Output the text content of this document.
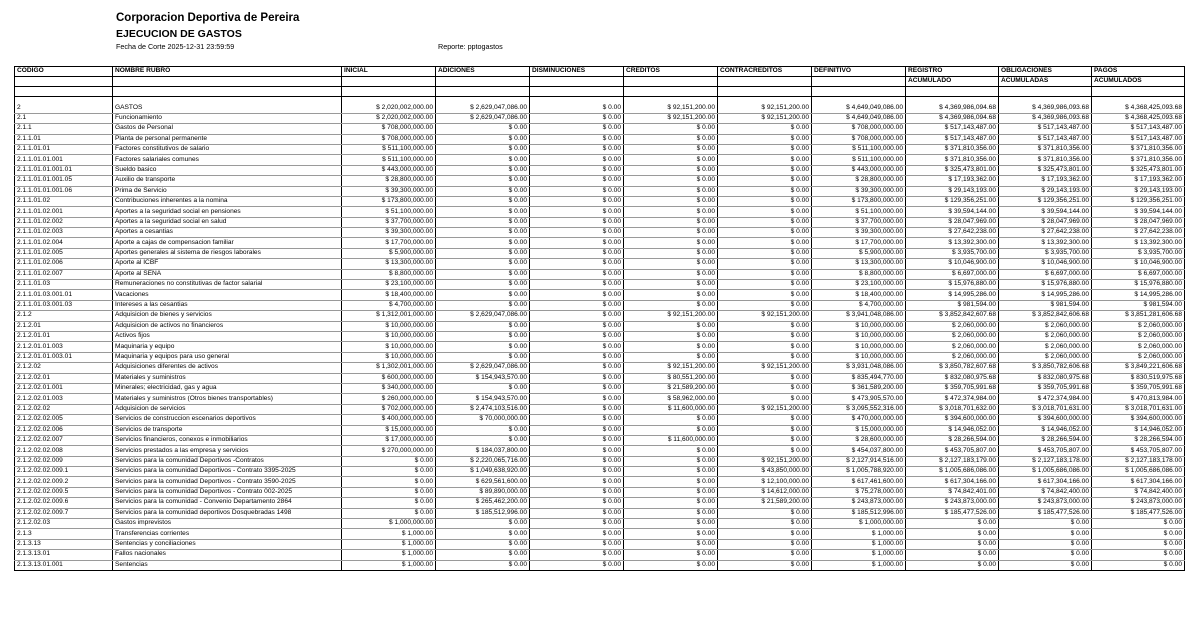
Corporacion Deportiva de Pereira
EJECUCION DE GASTOS
Fecha de Corte 2025-12-31 23:59:59	Reporte: pptogastos
CODIGO	NOMBRE RUBRO	INICIAL	ADICIONES	DISMINUCIONES	CREDITOS	CONTRACREDITOS	DEFINITIVO	REGISTRO	OBLIGACIONES	PAGOS
								ACUMULADO	ACUMULADAS	ACUMULADOS

2	GASTOS	$ 2,020,002,000.00	$ 2,629,047,086.00	$ 0.00	$ 92,151,200.00	$ 92,151,200.00	$ 4,649,049,086.00	$ 4,369,986,094.68	$ 4,369,986,093.68	$ 4,368,425,093.68
2.1	Funcionamiento	$ 2,020,002,000.00	$ 2,629,047,086.00	$ 0.00	$ 92,151,200.00	$ 92,151,200.00	$ 4,649,049,086.00	$ 4,369,986,094.68	$ 4,369,986,093.68	$ 4,368,425,093.68
2.1.1	Gastos de Personal	$ 708,000,000.00	$ 0.00	$ 0.00	$ 0.00	$ 0.00	$ 708,000,000.00	$ 517,143,487.00	$ 517,143,487.00	$ 517,143,487.00
2.1.1.01	Planta de personal permanente	$ 708,000,000.00	$ 0.00	$ 0.00	$ 0.00	$ 0.00	$ 708,000,000.00	$ 517,143,487.00	$ 517,143,487.00	$ 517,143,487.00
2.1.1.01.01	Factores constitutivos de salario	$ 511,100,000.00	$ 0.00	$ 0.00	$ 0.00	$ 0.00	$ 511,100,000.00	$ 371,810,356.00	$ 371,810,356.00	$ 371,810,356.00
2.1.1.01.01.001	Factores salariales comunes	$ 511,100,000.00	$ 0.00	$ 0.00	$ 0.00	$ 0.00	$ 511,100,000.00	$ 371,810,356.00	$ 371,810,356.00	$ 371,810,356.00
2.1.1.01.01.001.01	Sueldo basico	$ 443,000,000.00	$ 0.00	$ 0.00	$ 0.00	$ 0.00	$ 443,000,000.00	$ 325,473,801.00	$ 325,473,801.00	$ 325,473,801.00
2.1.1.01.01.001.05	Auxilio de transporte	$ 28,800,000.00	$ 0.00	$ 0.00	$ 0.00	$ 0.00	$ 28,800,000.00	$ 17,193,362.00	$ 17,193,362.00	$ 17,193,362.00
2.1.1.01.01.001.06	Prima de Servicio	$ 39,300,000.00	$ 0.00	$ 0.00	$ 0.00	$ 0.00	$ 39,300,000.00	$ 29,143,193.00	$ 29,143,193.00	$ 29,143,193.00
2.1.1.01.02	Contribuciones inherentes a la nomina	$ 173,800,000.00	$ 0.00	$ 0.00	$ 0.00	$ 0.00	$ 173,800,000.00	$ 129,356,251.00	$ 129,356,251.00	$ 129,356,251.00
2.1.1.01.02.001	Aportes a la seguridad social en pensiones	$ 51,100,000.00	$ 0.00	$ 0.00	$ 0.00	$ 0.00	$ 51,100,000.00	$ 39,594,144.00	$ 39,594,144.00	$ 39,594,144.00
2.1.1.01.02.002	Aportes a la seguridad social en salud	$ 37,700,000.00	$ 0.00	$ 0.00	$ 0.00	$ 0.00	$ 37,700,000.00	$ 28,047,969.00	$ 28,047,969.00	$ 28,047,969.00
2.1.1.01.02.003	Aportes a cesantias	$ 39,300,000.00	$ 0.00	$ 0.00	$ 0.00	$ 0.00	$ 39,300,000.00	$ 27,642,238.00	$ 27,642,238.00	$ 27,642,238.00
2.1.1.01.02.004	Aporte a cajas de compensacion familiar	$ 17,700,000.00	$ 0.00	$ 0.00	$ 0.00	$ 0.00	$ 17,700,000.00	$ 13,392,300.00	$ 13,392,300.00	$ 13,392,300.00
2.1.1.01.02.005	Aportes generales al sistema de riesgos laborales	$ 5,900,000.00	$ 0.00	$ 0.00	$ 0.00	$ 0.00	$ 5,900,000.00	$ 3,935,700.00	$ 3,935,700.00	$ 3,935,700.00
2.1.1.01.02.006	Aporte al ICBF	$ 13,300,000.00	$ 0.00	$ 0.00	$ 0.00	$ 0.00	$ 13,300,000.00	$ 10,046,900.00	$ 10,046,900.00	$ 10,046,900.00
2.1.1.01.02.007	Aporte al SENA	$ 8,800,000.00	$ 0.00	$ 0.00	$ 0.00	$ 0.00	$ 8,800,000.00	$ 6,697,000.00	$ 6,697,000.00	$ 6,697,000.00
2.1.1.01.03	Remuneraciones no constitutivas de factor salarial	$ 23,100,000.00	$ 0.00	$ 0.00	$ 0.00	$ 0.00	$ 23,100,000.00	$ 15,976,880.00	$ 15,976,880.00	$ 15,976,880.00
2.1.1.01.03.001.01	Vacaciones	$ 18,400,000.00	$ 0.00	$ 0.00	$ 0.00	$ 0.00	$ 18,400,000.00	$ 14,995,286.00	$ 14,995,286.00	$ 14,995,286.00
2.1.1.01.03.001.03	Intereses a las cesantias	$ 4,700,000.00	$ 0.00	$ 0.00	$ 0.00	$ 0.00	$ 4,700,000.00	$ 981,594.00	$ 981,594.00	$ 981,594.00
2.1.2	Adquisicion de bienes y servicios	$ 1,312,001,000.00	$ 2,629,047,086.00	$ 0.00	$ 92,151,200.00	$ 92,151,200.00	$ 3,941,048,086.00	$ 3,852,842,607.68	$ 3,852,842,606.68	$ 3,851,281,606.68
2.1.2.01	Adquisicion de activos no financieros	$ 10,000,000.00	$ 0.00	$ 0.00	$ 0.00	$ 0.00	$ 10,000,000.00	$ 2,060,000.00	$ 2,060,000.00	$ 2,060,000.00
2.1.2.01.01	Activos fijos	$ 10,000,000.00	$ 0.00	$ 0.00	$ 0.00	$ 0.00	$ 10,000,000.00	$ 2,060,000.00	$ 2,060,000.00	$ 2,060,000.00
2.1.2.01.01.003	Maquinaria y equipo	$ 10,000,000.00	$ 0.00	$ 0.00	$ 0.00	$ 0.00	$ 10,000,000.00	$ 2,060,000.00	$ 2,060,000.00	$ 2,060,000.00
2.1.2.01.01.003.01	Maquinaria y equipos para uso general	$ 10,000,000.00	$ 0.00	$ 0.00	$ 0.00	$ 0.00	$ 10,000,000.00	$ 2,060,000.00	$ 2,060,000.00	$ 2,060,000.00
2.1.2.02	Adquisiciones diferentes de activos	$ 1,302,001,000.00	$ 2,629,047,086.00	$ 0.00	$ 92,151,200.00	$ 92,151,200.00	$ 3,931,048,086.00	$ 3,850,782,607.68	$ 3,850,782,606.68	$ 3,849,221,606.68
2.1.2.02.01	Materiales y suministros	$ 600,000,000.00	$ 154,943,570.00	$ 0.00	$ 80,551,200.00	$ 0.00	$ 835,494,770.00	$ 832,080,975.68	$ 832,080,975.68	$ 830,519,975.68
2.1.2.02.01.001	Minerales; electricidad, gas y agua	$ 340,000,000.00	$ 0.00	$ 0.00	$ 21,589,200.00	$ 0.00	$ 361,589,200.00	$ 359,705,991.68	$ 359,705,991.68	$ 359,705,991.68
2.1.2.02.01.003	Materiales y suministros (Otros bienes transportables)	$ 260,000,000.00	$ 154,943,570.00	$ 0.00	$ 58,962,000.00	$ 0.00	$ 473,905,570.00	$ 472,374,984.00	$ 472,374,984.00	$ 470,813,984.00
2.1.2.02.02	Adquisicion de servicios	$ 702,000,000.00	$ 2,474,103,516.00	$ 0.00	$ 11,600,000.00	$ 92,151,200.00	$ 3,095,552,316.00	$ 3,018,701,632.00	$ 3,018,701,631.00	$ 3,018,701,631.00
2.1.2.02.02.005	Servicios de construccion escenarios deportivos	$ 400,000,000.00	$ 70,000,000.00	$ 0.00	$ 0.00	$ 0.00	$ 470,000,000.00	$ 394,600,000.00	$ 394,600,000.00	$ 394,600,000.00
2.1.2.02.02.006	Servicios de transporte	$ 15,000,000.00	$ 0.00	$ 0.00	$ 0.00	$ 0.00	$ 15,000,000.00	$ 14,946,052.00	$ 14,946,052.00	$ 14,946,052.00
2.1.2.02.02.007	Servicios financieros, conexos e inmobiliarios	$ 17,000,000.00	$ 0.00	$ 0.00	$ 11,600,000.00	$ 0.00	$ 28,600,000.00	$ 28,266,594.00	$ 28,266,594.00	$ 28,266,594.00
2.1.2.02.02.008	Servicios prestados a las empresa y servicios	$ 270,000,000.00	$ 184,037,800.00	$ 0.00	$ 0.00	$ 0.00	$ 454,037,800.00	$ 453,705,807.00	$ 453,705,807.00	$ 453,705,807.00
2.1.2.02.02.009	Servicios para la comunidad Deportivos -Contratos	$ 0.00	$ 2,220,065,716.00	$ 0.00	$ 0.00	$ 92,151,200.00	$ 2,127,914,516.00	$ 2,127,183,179.00	$ 2,127,183,178.00	$ 2,127,183,178.00
2.1.2.02.02.009.1	Servicios para la comunidad Deportivos - Contrato 3395-2025	$ 0.00	$ 1,049,638,920.00	$ 0.00	$ 0.00	$ 43,850,000.00	$ 1,005,788,920.00	$ 1,005,686,086.00	$ 1,005,686,086.00	$ 1,005,686,086.00
2.1.2.02.02.009.2	Servicios para la comunidad Deportivos - Contrato 3590-2025	$ 0.00	$ 629,561,600.00	$ 0.00	$ 0.00	$ 12,100,000.00	$ 617,461,600.00	$ 617,304,166.00	$ 617,304,166.00	$ 617,304,166.00
2.1.2.02.02.009.5	Servicios para la comunidad Deportivos - Contrato 002-2025	$ 0.00	$ 89,890,000.00	$ 0.00	$ 0.00	$ 14,612,000.00	$ 75,278,000.00	$ 74,842,401.00	$ 74,842,400.00	$ 74,842,400.00
2.1.2.02.02.009.6	Servicios para la comunidad - Convenio Departamento 2864	$ 0.00	$ 265,462,200.00	$ 0.00	$ 0.00	$ 21,589,200.00	$ 243,873,000.00	$ 243,873,000.00	$ 243,873,000.00	$ 243,873,000.00
2.1.2.02.02.009.7	Servicios para la comunidad deportivos Dosquebradas 1498	$ 0.00	$ 185,512,996.00	$ 0.00	$ 0.00	$ 0.00	$ 185,512,996.00	$ 185,477,526.00	$ 185,477,526.00	$ 185,477,526.00
2.1.2.02.03	Gastos imprevistos	$ 1,000,000.00	$ 0.00	$ 0.00	$ 0.00	$ 0.00	$ 1,000,000.00	$ 0.00	$ 0.00	$ 0.00
2.1.3	Transferencias corrientes	$ 1,000.00	$ 0.00	$ 0.00	$ 0.00	$ 0.00	$ 1,000.00	$ 0.00	$ 0.00	$ 0.00
2.1.3.13	Sentencias y conciliaciones	$ 1,000.00	$ 0.00	$ 0.00	$ 0.00	$ 0.00	$ 1,000.00	$ 0.00	$ 0.00	$ 0.00
2.1.3.13.01	Fallos nacionales	$ 1,000.00	$ 0.00	$ 0.00	$ 0.00	$ 0.00	$ 1,000.00	$ 0.00	$ 0.00	$ 0.00
2.1.3.13.01.001	Sentencias	$ 1,000.00	$ 0.00	$ 0.00	$ 0.00	$ 0.00	$ 1,000.00	$ 0.00	$ 0.00	$ 0.00
